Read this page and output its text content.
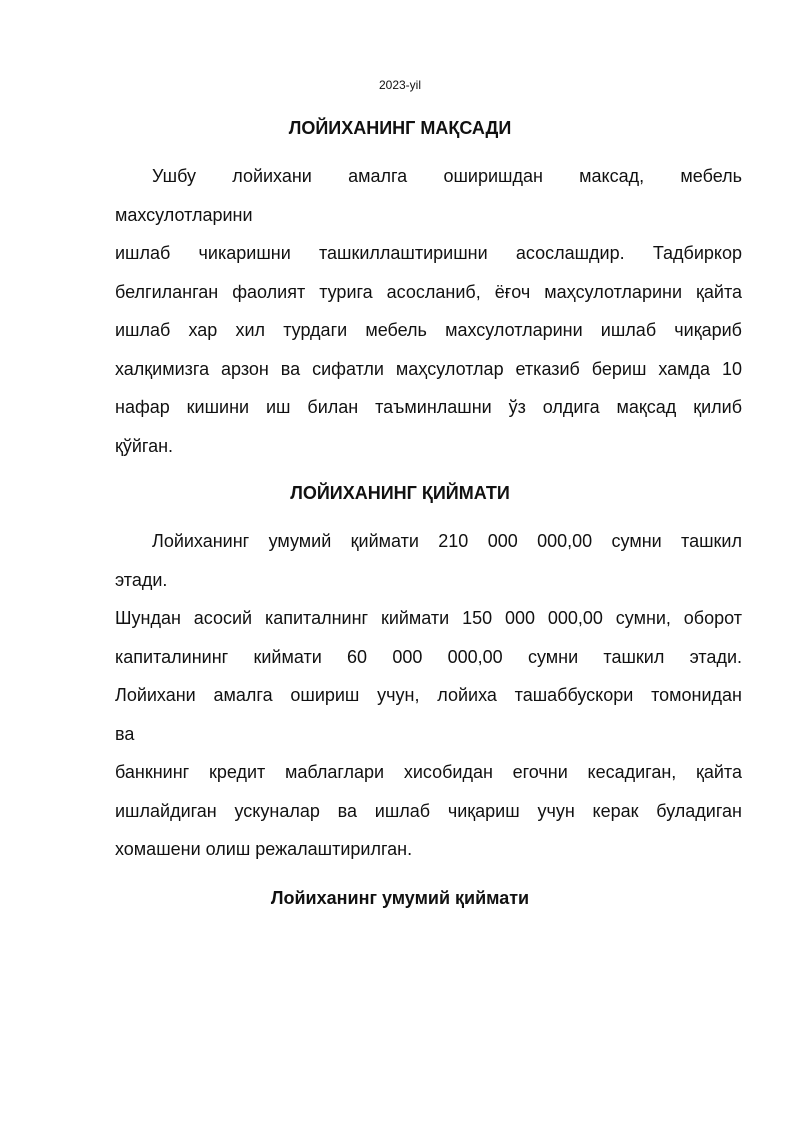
2023-yil
ЛОЙИХАНИНГ МАҚСАДИ
Ушбу лойихани амалга оширишдан максад, мебель
махсулотларини
ишлаб чикаришни ташкиллаштиришни асослашдир. Тадбиркор
белгиланган фаолият турига асосланиб, ёғоч маҳсулотларини қайта
ишлаб хар хил турдаги мебель махсулотларини ишлаб чиқариб
халқимизга арзон ва сифатли маҳсулотлар етказиб бериш хамда 10
нафар кишини иш билан таъминлашни ўз олдига мақсад қилиб
қўйган.
ЛОЙИХАНИНГ ҚИЙМАТИ
Лойиханинг умумий қиймати 210 000 000,00 сумни ташкил
этади.
Шундан асосий капиталнинг киймати 150 000 000,00 сумни, оборот
капиталининг киймати 60 000 000,00 сумни ташкил этади.
Лойихани амалга ошириш учун, лойиха ташаббускори томонидан
ва
банкнинг кредит маблаглари хисобидан егочни кесадиган, қайта
ишлайдиган ускуналар ва ишлаб чиқариш учун керак буладиган
хомашени олиш режалаштирилган.
Лойиханинг умумий қиймати
